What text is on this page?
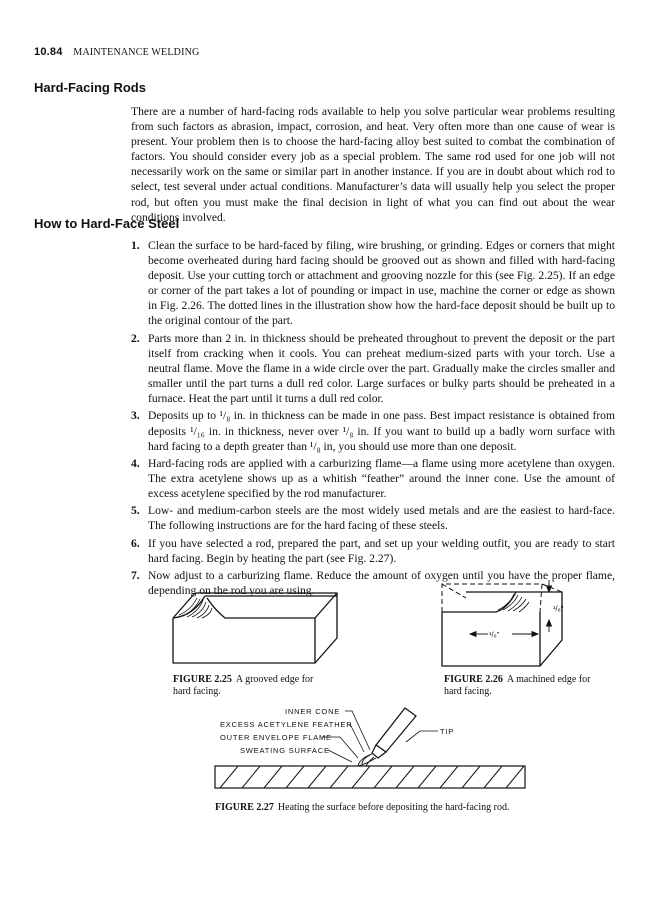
10.84 MAINTENANCE WELDING
Hard-Facing Rods

There are a number of hard-facing rods available to help you solve particular wear problems resulting from such factors as abrasion, impact, corrosion, and heat. Very often more than one cause of wear is present. Your problem then is to choose the hard-facing alloy best suited to combat the combination of factors. You should consider every job as a special problem. The same rod used for one job will not necessarily work on the same or similar part in another instance. If you are in doubt about which rod to select, test several under actual conditions. Manufacturer’s data will usually help you select the proper rod, but often you must make the final decision in light of what you can find out about the wear conditions involved.

How to Hard-Face Steel
1. Clean the surface to be hard-faced by filing, wire brushing, or grinding. Edges or corners that might become overheated during hard facing should be grooved out as shown and filled with hard-facing deposit. Use your cutting torch or attachment and grooving nozzle for this (see Fig. 2.25). If an edge or corner of the part takes a lot of pounding or impact in use, machine the corner or edge as shown in Fig. 2.26. The dotted lines in the illustration show how the hard-face deposit should be built up to the original contour of the part.
2. Parts more than 2 in. in thickness should be preheated throughout to prevent the deposit or the part itself from cracking when it cools. You can preheat medium-sized parts with your torch. Use a neutral flame. Move the flame in a wide circle over the part. Gradually make the circles smaller and smaller until the part turns a dull red color. Large surfaces or bulky parts should be preheated in a furnace. Heat the part until it turns a dull red color.
3. Deposits up to ¹/₈ in. in thickness can be made in one pass. Best impact resistance is obtained from deposits ¹/₁₆ in. in thickness, never over ¹/₈ in. If you want to build up a badly worn surface with hard facing to a depth greater than ¹/₈ in, you should use more than one deposit.
4. Hard-facing rods are applied with a carburizing flame—a flame using more acetylene than oxygen. The extra acetylene shows up as a whitish “feather” around the inner cone. Use the amount of excess acetylene specified by the rod manufacturer.
5. Low- and medium-carbon steels are the most widely used metals and are the easiest to hard-face. The following instructions are for the hard facing of these steels.
6. If you have selected a rod, prepared the part, and set up your welding outfit, you are ready to start hard facing. Begin by heating the part (see Fig. 2.27).
7. Now adjust to a carburizing flame. Reduce the amount of oxygen until you have the proper flame, depending on the rod you are using.
FIGURE 2.25 A grooved edge for hard facing.
¹/₈"
¹/₈"
FIGURE 2.26 A machined edge for hard facing.
INNER CONE
EXCESS ACETYLENE FEATHER
OUTER ENVELOPE FLAME
SWEATING SURFACE
TIP
FIGURE 2.27 Heating the surface before depositing the hard-facing rod.
